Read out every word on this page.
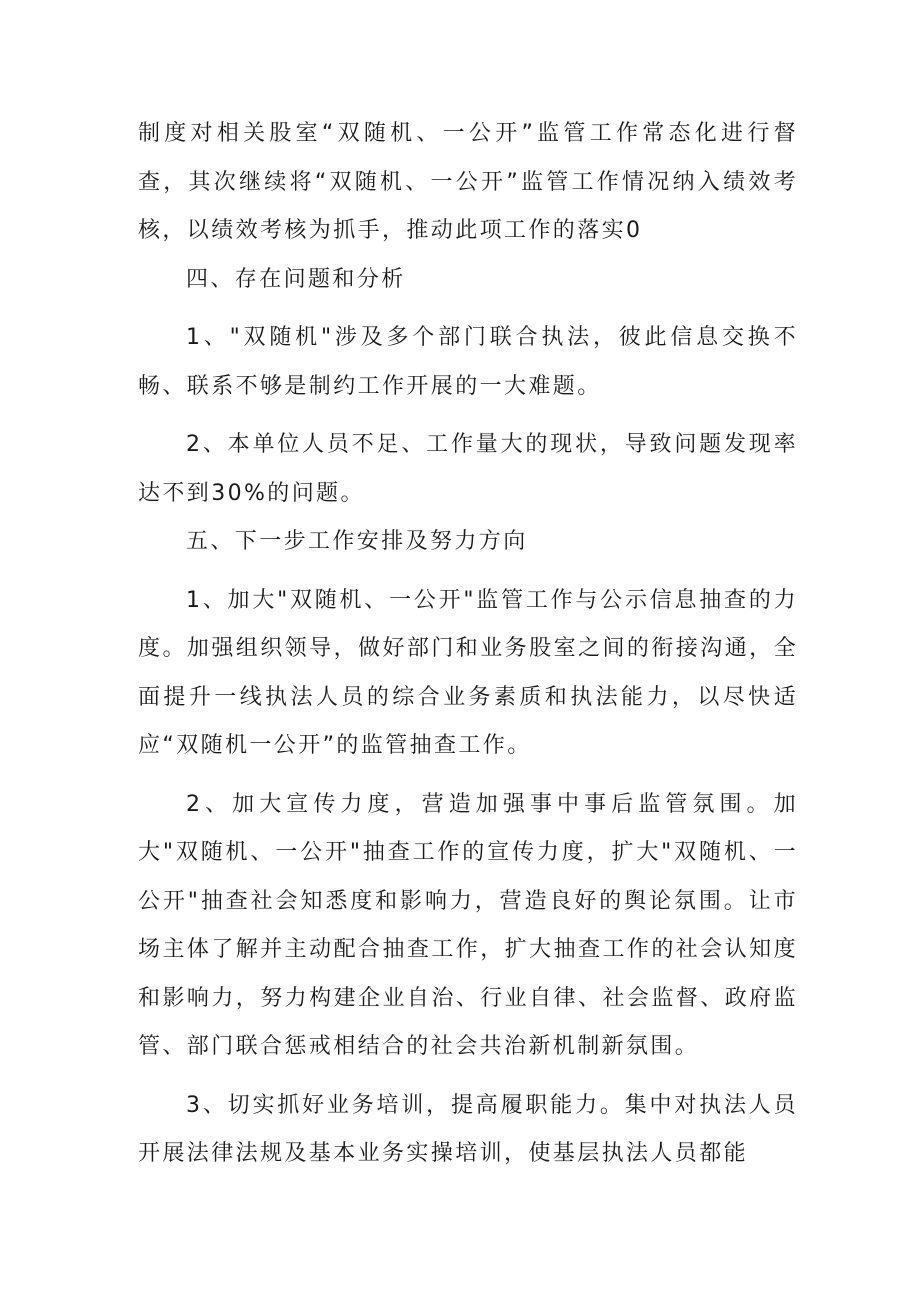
制度对相关股室“双随机、一公开”监管工作常态化进行督查，其次继续将“双随机、一公开”监管工作情况纳入绩效考核，以绩效考核为抓手，推动此项工作的落实0

四、存在问题和分析

1、"双随机"涉及多个部门联合执法，彼此信息交换不畅、联系不够是制约工作开展的一大难题。

2、本单位人员不足、工作量大的现状，导致问题发现率达不到30%的问题。

五、下一步工作安排及努力方向

1、加大"双随机、一公开"监管工作与公示信息抽查的力度。加强组织领导，做好部门和业务股室之间的衔接沟通，全面提升一线执法人员的综合业务素质和执法能力，以尽快适应“双随机一公开”的监管抽查工作。

2、加大宣传力度，营造加强事中事后监管氛围。加大"双随机、一公开"抽查工作的宣传力度，扩大"双随机、一公开"抽查社会知悉度和影响力，营造良好的舆论氛围。让市场主体了解并主动配合抽查工作，扩大抽查工作的社会认知度和影响力，努力构建企业自治、行业自律、社会监督、政府监管、部门联合惩戒相结合的社会共治新机制新氛围。

3、切实抓好业务培训，提高履职能力。集中对执法人员开展法律法规及基本业务实操培训，使基层执法人员都能
